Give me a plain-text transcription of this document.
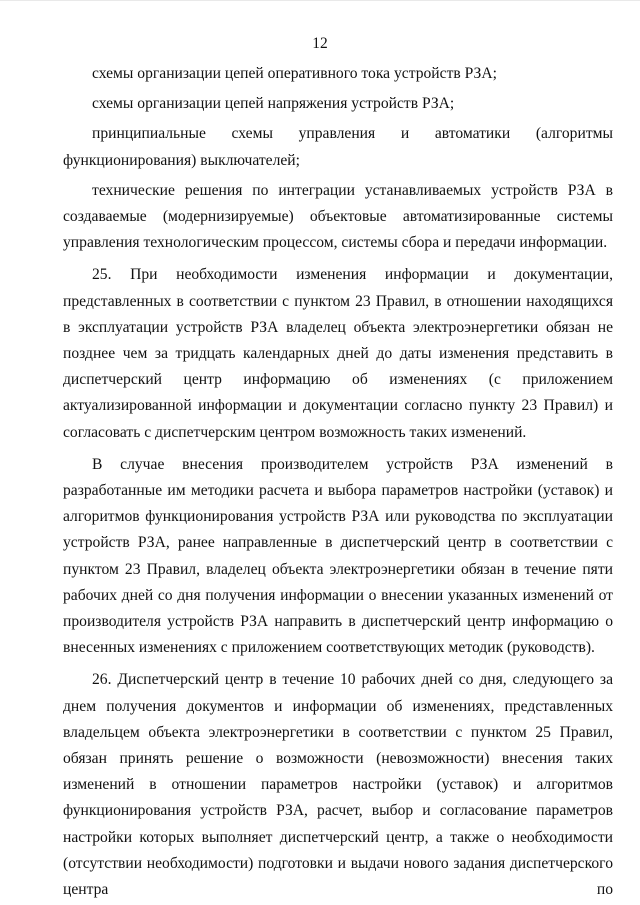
12

схемы организации цепей оперативного тока устройств РЗА;

схемы организации цепей напряжения устройств РЗА;

принципиальные схемы управления и автоматики (алгоритмы функционирования) выключателей;

технические решения по интеграции устанавливаемых устройств РЗА в создаваемые (модернизируемые) объектовые автоматизированные системы управления технологическим процессом, системы сбора и передачи информации.

25. При необходимости изменения информации и документации, представленных в соответствии с пунктом 23 Правил, в отношении находящихся в эксплуатации устройств РЗА владелец объекта электроэнергетики обязан не позднее чем за тридцать календарных дней до даты изменения представить в диспетчерский центр информацию об изменениях (с приложением актуализированной информации и документации согласно пункту 23 Правил) и согласовать с диспетчерским центром возможность таких изменений.

В случае внесения производителем устройств РЗА изменений в разработанные им методики расчета и выбора параметров настройки (уставок) и алгоритмов функционирования устройств РЗА или руководства по эксплуатации устройств РЗА, ранее направленные в диспетчерский центр в соответствии с пунктом 23 Правил, владелец объекта электроэнергетики обязан в течение пяти рабочих дней со дня получения информации о внесении указанных изменений от производителя устройств РЗА направить в диспетчерский центр информацию о внесенных изменениях с приложением соответствующих методик (руководств).

26. Диспетчерский центр в течение 10 рабочих дней со дня, следующего за днем получения документов и информации об изменениях, представленных владельцем объекта электроэнергетики в соответствии с пунктом 25 Правил, обязан принять решение о возможности (невозможности) внесения таких изменений в отношении параметров настройки (уставок) и алгоритмов функционирования устройств РЗА, расчет, выбор и согласование параметров настройки которых выполняет диспетчерский центр, а также о необходимости (отсутствии необходимости) подготовки и выдачи нового задания диспетчерского центра по
